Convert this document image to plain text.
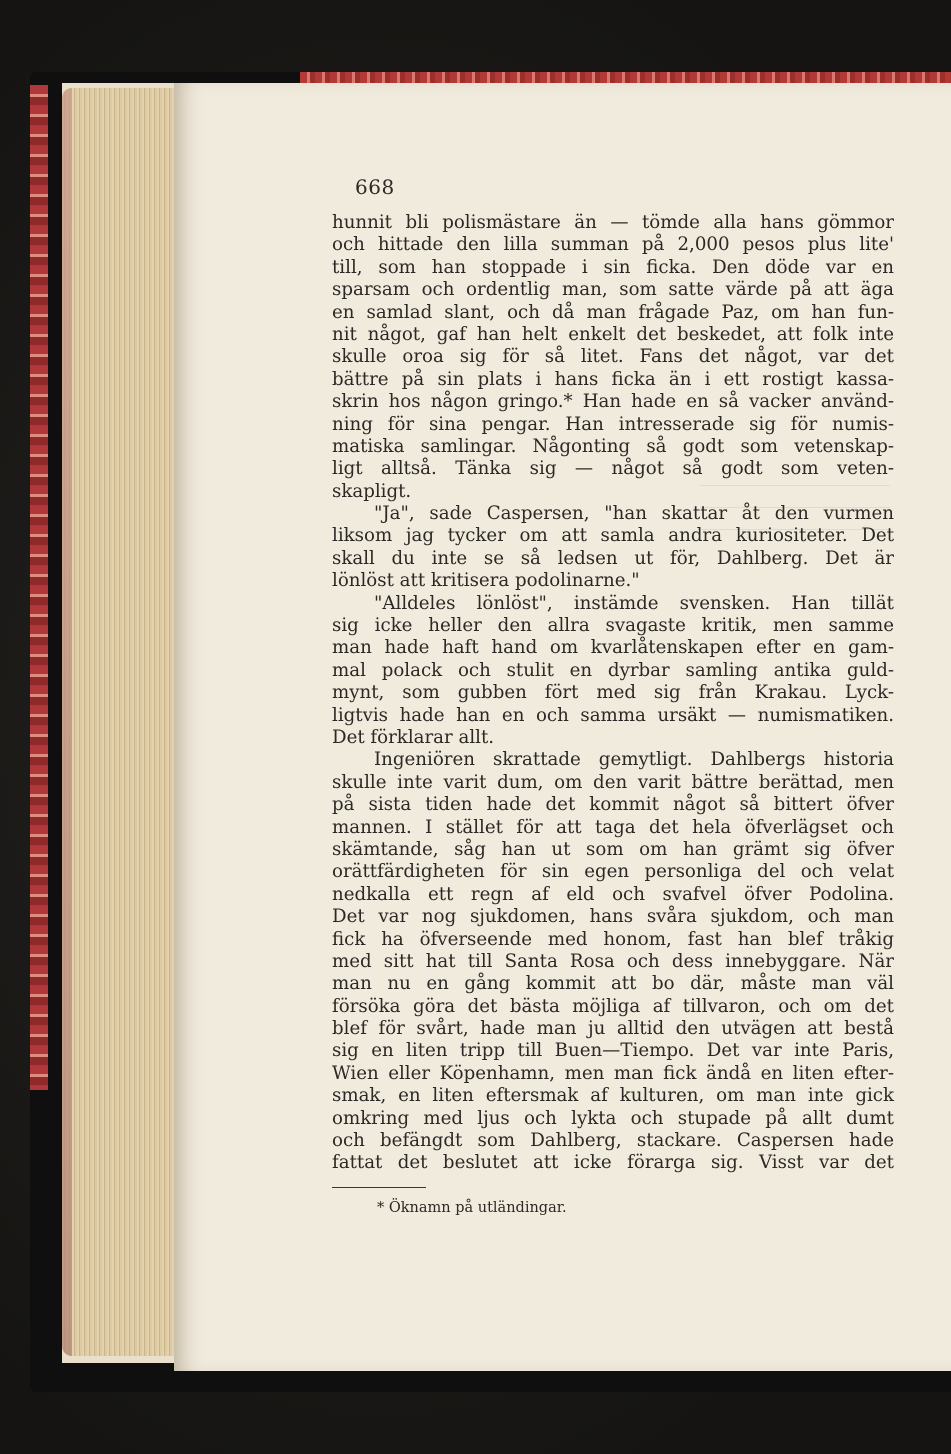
668
hunnit bli polismästare än — tömde alla hans gömmor
och hittade den lilla summan på 2,000 pesos plus lite'
till, som han stoppade i sin ficka. Den döde var en
sparsam och ordentlig man, som satte värde på att äga
en samlad slant, och då man frågade Paz, om han fun-
nit något, gaf han helt enkelt det beskedet, att folk inte
skulle oroa sig för så litet. Fans det något, var det
bättre på sin plats i hans ficka än i ett rostigt kassa-
skrin hos någon gringo.* Han hade en så vacker använd-
ning för sina pengar. Han intresserade sig för numis-
matiska samlingar. Någonting så godt som vetenskap-
ligt alltså. Tänka sig — något så godt som veten-
skapligt.
"Ja", sade Caspersen, "han skattar åt den vurmen
liksom jag tycker om att samla andra kuriositeter. Det
skall du inte se så ledsen ut för, Dahlberg. Det är
lönlöst att kritisera podolinarne."
"Alldeles lönlöst", instämde svensken. Han tillät
sig icke heller den allra svagaste kritik, men samme
man hade haft hand om kvarlåtenskapen efter en gam-
mal polack och stulit en dyrbar samling antika guld-
mynt, som gubben fört med sig från Krakau. Lyck-
ligtvis hade han en och samma ursäkt — numismatiken.
Det förklarar allt.
Ingeniören skrattade gemytligt. Dahlbergs historia
skulle inte varit dum, om den varit bättre berättad, men
på sista tiden hade det kommit något så bittert öfver
mannen. I stället för att taga det hela öfverlägset och
skämtande, såg han ut som om han grämt sig öfver
orättfärdigheten för sin egen personliga del och velat
nedkalla ett regn af eld och svafvel öfver Podolina.
Det var nog sjukdomen, hans svåra sjukdom, och man
fick ha öfverseende med honom, fast han blef tråkig
med sitt hat till Santa Rosa och dess innebyggare. När
man nu en gång kommit att bo där, måste man väl
försöka göra det bästa möjliga af tillvaron, och om det
blef för svårt, hade man ju alltid den utvägen att bestå
sig en liten tripp till Buen—Tiempo. Det var inte Paris,
Wien eller Köpenhamn, men man fick ändå en liten efter-
smak, en liten eftersmak af kulturen, om man inte gick
omkring med ljus och lykta och stupade på allt dumt
och befängdt som Dahlberg, stackare. Caspersen hade
fattat det beslutet att icke förarga sig. Visst var det
* Öknamn på utländingar.
